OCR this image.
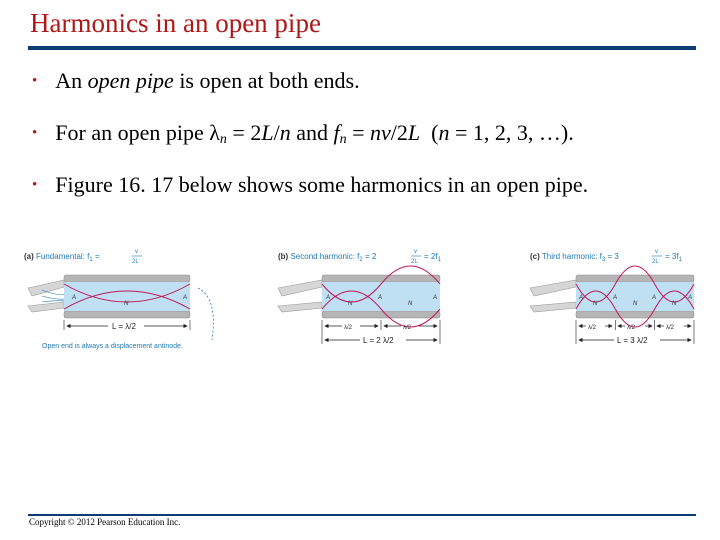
Harmonics in an open pipe
• An open pipe is open at both ends.
• For an open pipe $\lambda_n = 2L/n$ and $f_n = nv/2L$  (n = 1, 2, 3, …).
• Figure 16. 17 below shows some harmonics in an open pipe.
(a) Fundamental: $f_1$ =	v
2L
A
N
A
L = λ/2
Open end is always a displacement antinode.
(b) Second harmonic: $f_2 = 2$	v
2L
= $2f_1$
A
N
A
N
A
λ/2	λ/2
L = 2 λ/2
(c) Third harmonic: $f_3 = 3$	v
2L
= $3f_1$
A
N
A
N
A
N
A
λ/2	λ/2	λ/2
L = 3 λ/2
Copyright © 2012 Pearson Education Inc.
